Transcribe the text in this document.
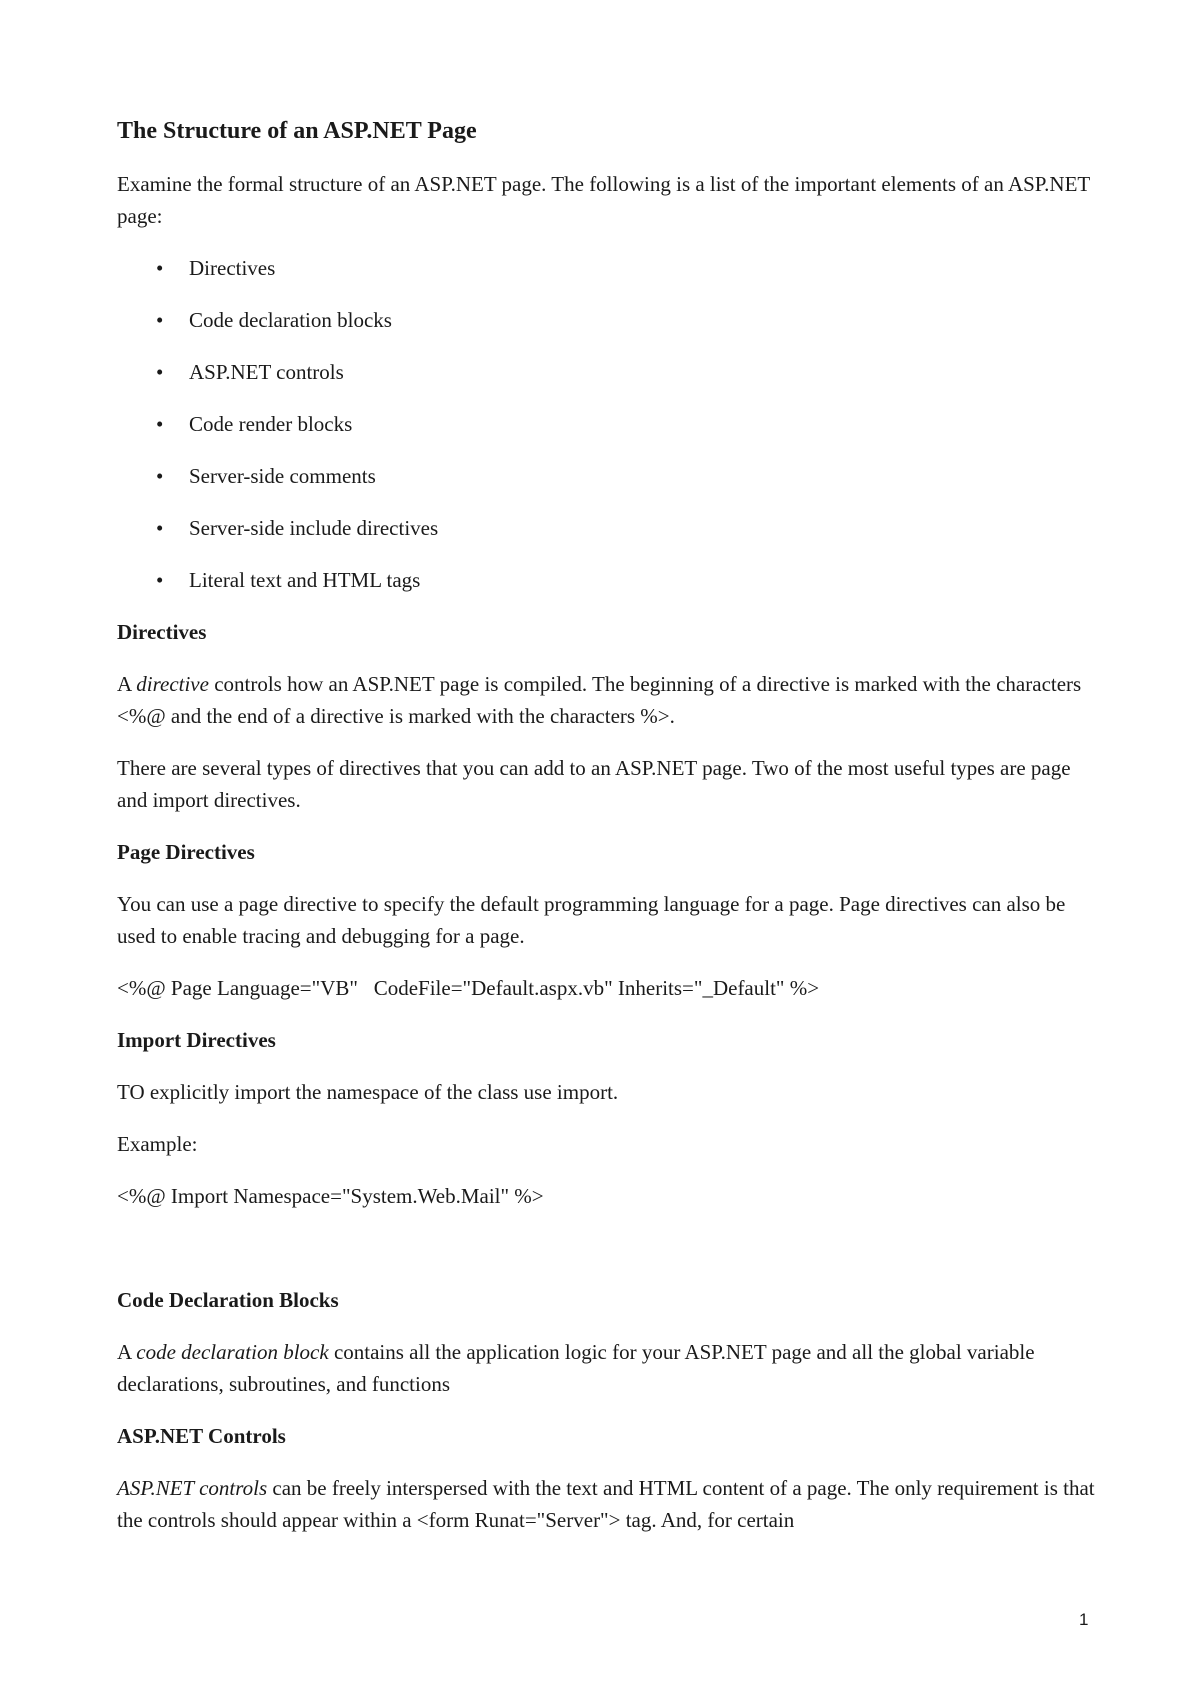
The Structure of an ASP.NET Page

Examine the formal structure of an ASP.NET page. The following is a list of the important elements of an ASP.NET page:

• Directives
• Code declaration blocks
• ASP.NET controls
• Code render blocks
• Server-side comments
• Server-side include directives
• Literal text and HTML tags
Directives

A directive controls how an ASP.NET page is compiled. The beginning of a directive is marked with the characters <%@ and the end of a directive is marked with the characters %>.

There are several types of directives that you can add to an ASP.NET page. Two of the most useful types are page and import directives.

Page Directives

You can use a page directive to specify the default programming language for a page. Page directives can also be used to enable tracing and debugging for a page.

<%@ Page Language="VB"   CodeFile="Default.aspx.vb" Inherits="_Default" %>

Import Directives

TO explicitly import the namespace of the class use import.

Example:

<%@ Import Namespace="System.Web.Mail" %>

Code Declaration Blocks

A code declaration block contains all the application logic for your ASP.NET page and all the global variable declarations, subroutines, and functions

ASP.NET Controls

ASP.NET controls can be freely interspersed with the text and HTML content of a page. The only requirement is that the controls should appear within a <form Runat="Server"> tag. And, for certain

1
